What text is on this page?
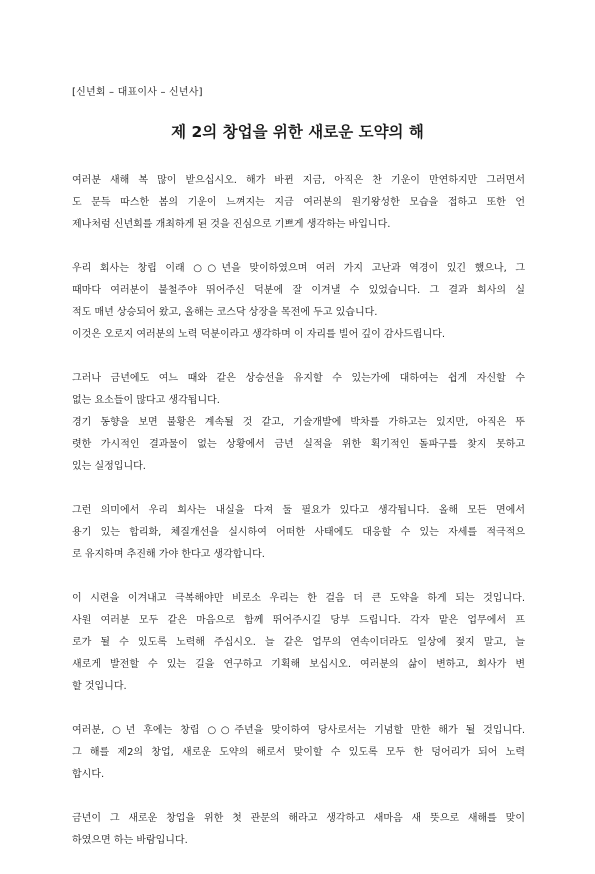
[신년회 – 대표이사 – 신년사]
제 2의 창업을 위한 새로운 도약의 해

여러분 새해 복 많이 받으십시오. 해가 바뀐 지금, 아직은 찬 기운이 만연하지만 그러면서
도 문득 따스한 봄의 기운이 느껴지는 지금 여러분의 원기왕성한 모습을 접하고 또한 언
제나처럼 신년회를 개최하게 된 것을 진심으로 기쁘게 생각하는 바입니다.

우리 회사는 창립 이래 ○○년을 맞이하였으며 여러 가지 고난과 역경이 있긴 했으나, 그
때마다 여러분이 불철주야 뛰어주신 덕분에 잘 이겨낼 수 있었습니다. 그 결과 회사의 실
적도 매년 상승되어 왔고, 올해는 코스닥 상장을 목전에 두고 있습니다.
이것은 오로지 여러분의 노력 덕분이라고 생각하며 이 자리를 빌어 깊이 감사드립니다.

그러나 금년에도 여느 때와 같은 상승선을 유지할 수 있는가에 대하여는 쉽게 자신할 수
없는 요소들이 많다고 생각됩니다.
경기 동향을 보면 불황은 계속될 것 같고, 기술개발에 박차를 가하고는 있지만, 아직은 뚜
렷한 가시적인 결과물이 없는 상황에서 금년 실적을 위한 획기적인 돌파구를 찾지 못하고
있는 실정입니다.

그런 의미에서 우리 회사는 내실을 다져 둘 필요가 있다고 생각됩니다. 올해 모든 면에서
용기 있는 합리화, 체질개선을 실시하여 어떠한 사태에도 대응할 수 있는 자세를 적극적으
로 유지하며 추진해 가야 한다고 생각합니다.

이 시련을 이겨내고 극복해야만 비로소 우리는 한 걸음 더 큰 도약을 하게 되는 것입니다.
사원 여러분 모두 같은 마음으로 함께 뛰어주시길 당부 드립니다. 각자 맡은 업무에서 프
로가 될 수 있도록 노력해 주십시오. 늘 같은 업무의 연속이더라도 일상에 젖지 말고, 늘
새로게 발전할 수 있는 길을 연구하고 기획해 보십시오. 여러분의 삶이 변하고, 회사가 변
할 것입니다.

여러분, ○년 후에는 창립 ○○주년을 맞이하여 당사로서는 기념할 만한 해가 될 것입니다.
그 해를 제2의 창업, 새로운 도약의 해로서 맞이할 수 있도록 모두 한 덩어리가 되어 노력
합시다.

금년이 그 새로운 창업을 위한 첫 관문의 해라고 생각하고 새마음 새 뜻으로 새해를 맞이
하였으면 하는 바람입니다.
